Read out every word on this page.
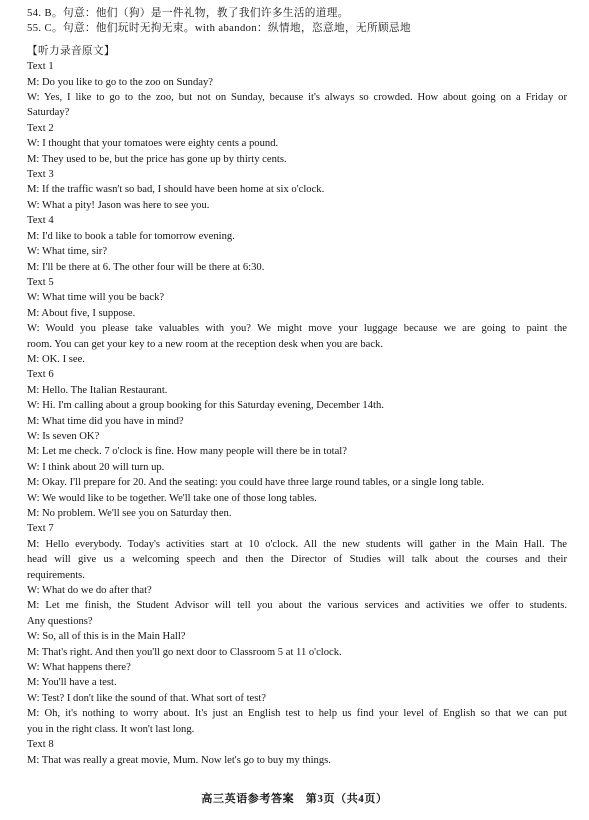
54. B。句意：他们（狗）是一件礼物，教了我们许多生活的道理。

55. C。句意：他们玩时无拘无束。with abandon：纵情地，恣意地，无所顾忌地

【听力录音原文】

Text 1

M: Do you like to go to the zoo on Sunday?

W: Yes, I like to go to the zoo, but not on Sunday, because it's always so crowded. How about going on a Friday or

Saturday?

Text 2

W: I thought that your tomatoes were eighty cents a pound.

M: They used to be, but the price has gone up by thirty cents.

Text 3

M: If the traffic wasn't so bad, I should have been home at six o'clock.

W: What a pity! Jason was here to see you.

Text 4

M: I'd like to book a table for tomorrow evening.

W: What time, sir?

M: I'll be there at 6. The other four will be there at 6:30.

Text 5

W: What time will you be back?

M: About five, I suppose.

W: Would you please take valuables with you? We might move your luggage because we are going to paint the

room. You can get your key to a new room at the reception desk when you are back.

M: OK. I see.

Text 6

M: Hello. The Italian Restaurant.

W: Hi. I'm calling about a group booking for this Saturday evening, December 14th.

M: What time did you have in mind?

W: Is seven OK?

M: Let me check. 7 o'clock is fine. How many people will there be in total?

W: I think about 20 will turn up.

M: Okay. I'll prepare for 20. And the seating: you could have three large round tables, or a single long table.

W: We would like to be together. We'll take one of those long tables.

M: No problem. We'll see you on Saturday then.

Text 7

M: Hello everybody. Today's activities start at 10 o'clock. All the new students will gather in the Main Hall. The

head will give us a welcoming speech and then the Director of Studies will talk about the courses and their

requirements.

W: What do we do after that?

M: Let me finish, the Student Advisor will tell you about the various services and activities we offer to students.

Any questions?

W: So, all of this is in the Main Hall?

M: That's right. And then you'll go next door to Classroom 5 at 11 o'clock.

W: What happens there?

M: You'll have a test.

W: Test? I don't like the sound of that. What sort of test?

M: Oh, it's nothing to worry about. It's just an English test to help us find your level of English so that we can put

you in the right class. It won't last long.

Text 8

M: That was really a great movie, Mum. Now let's go to buy my things.

高三英语参考答案　第3页（共4页）
